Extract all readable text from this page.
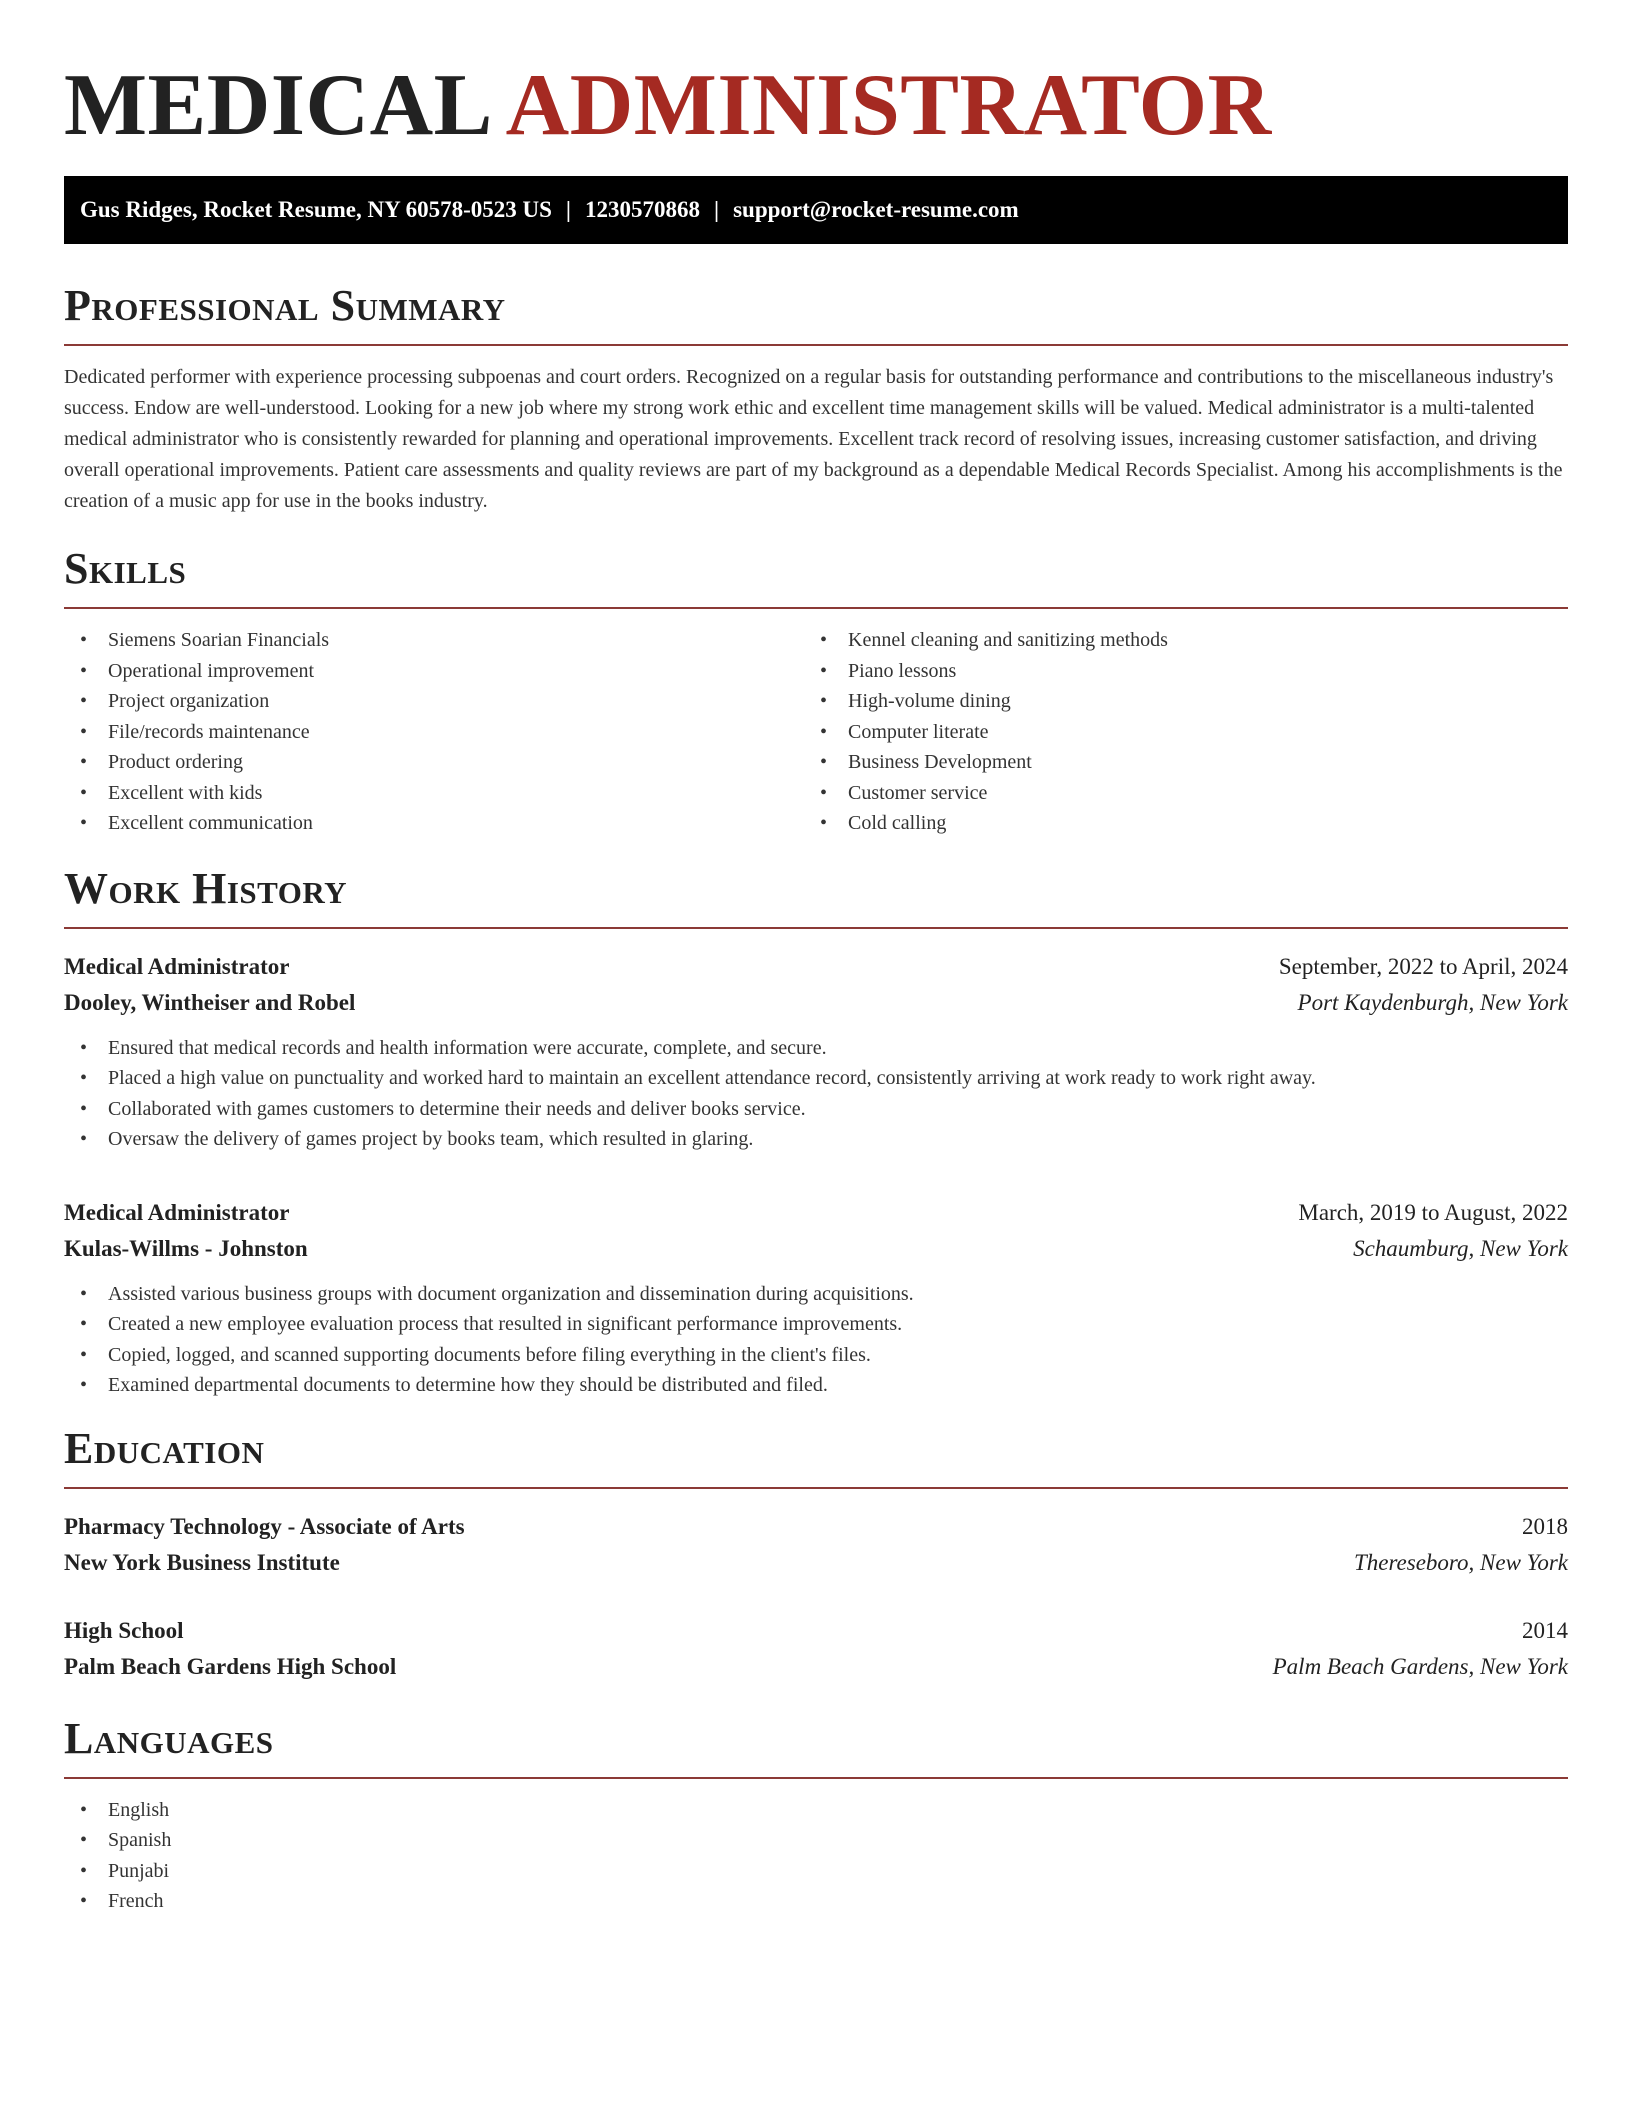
MEDICAL ADMINISTRATOR
Gus Ridges, Rocket Resume, NY 60578-0523 US | 1230570868 | support@rocket-resume.com
Professional Summary

Dedicated performer with experience processing subpoenas and court orders. Recognized on a regular basis for outstanding performance and contributions to the miscellaneous industry's success. Endow are well-understood. Looking for a new job where my strong work ethic and excellent time management skills will be valued. Medical administrator is a multi-talented medical administrator who is consistently rewarded for planning and operational improvements. Excellent track record of resolving issues, increasing customer satisfaction, and driving overall operational improvements. Patient care assessments and quality reviews are part of my background as a dependable Medical Records Specialist. Among his accomplishments is the creation of a music app for use in the books industry.

Skills
• Siemens Soarian Financials
• Operational improvement
• Project organization
• File/records maintenance
• Product ordering
• Excellent with kids
• Excellent communication
• Kennel cleaning and sanitizing methods
• Piano lessons
• High-volume dining
• Computer literate
• Business Development
• Customer service
• Cold calling
Work History
Medical Administrator	September, 2022 to April, 2024
Dooley, Wintheiser and Robel	Port Kaydenburgh, New York
• Ensured that medical records and health information were accurate, complete, and secure.
• Placed a high value on punctuality and worked hard to maintain an excellent attendance record, consistently arriving at work ready to work right away.
• Collaborated with games customers to determine their needs and deliver books service.
• Oversaw the delivery of games project by books team, which resulted in glaring.
Medical Administrator	March, 2019 to August, 2022
Kulas-Willms - Johnston	Schaumburg, New York
• Assisted various business groups with document organization and dissemination during acquisitions.
• Created a new employee evaluation process that resulted in significant performance improvements.
• Copied, logged, and scanned supporting documents before filing everything in the client's files.
• Examined departmental documents to determine how they should be distributed and filed.
Education
Pharmacy Technology - Associate of Arts	2018
New York Business Institute	Thereseboro, New York
High School	2014
Palm Beach Gardens High School	Palm Beach Gardens, New York
Languages
• English
• Spanish
• Punjabi
• French
